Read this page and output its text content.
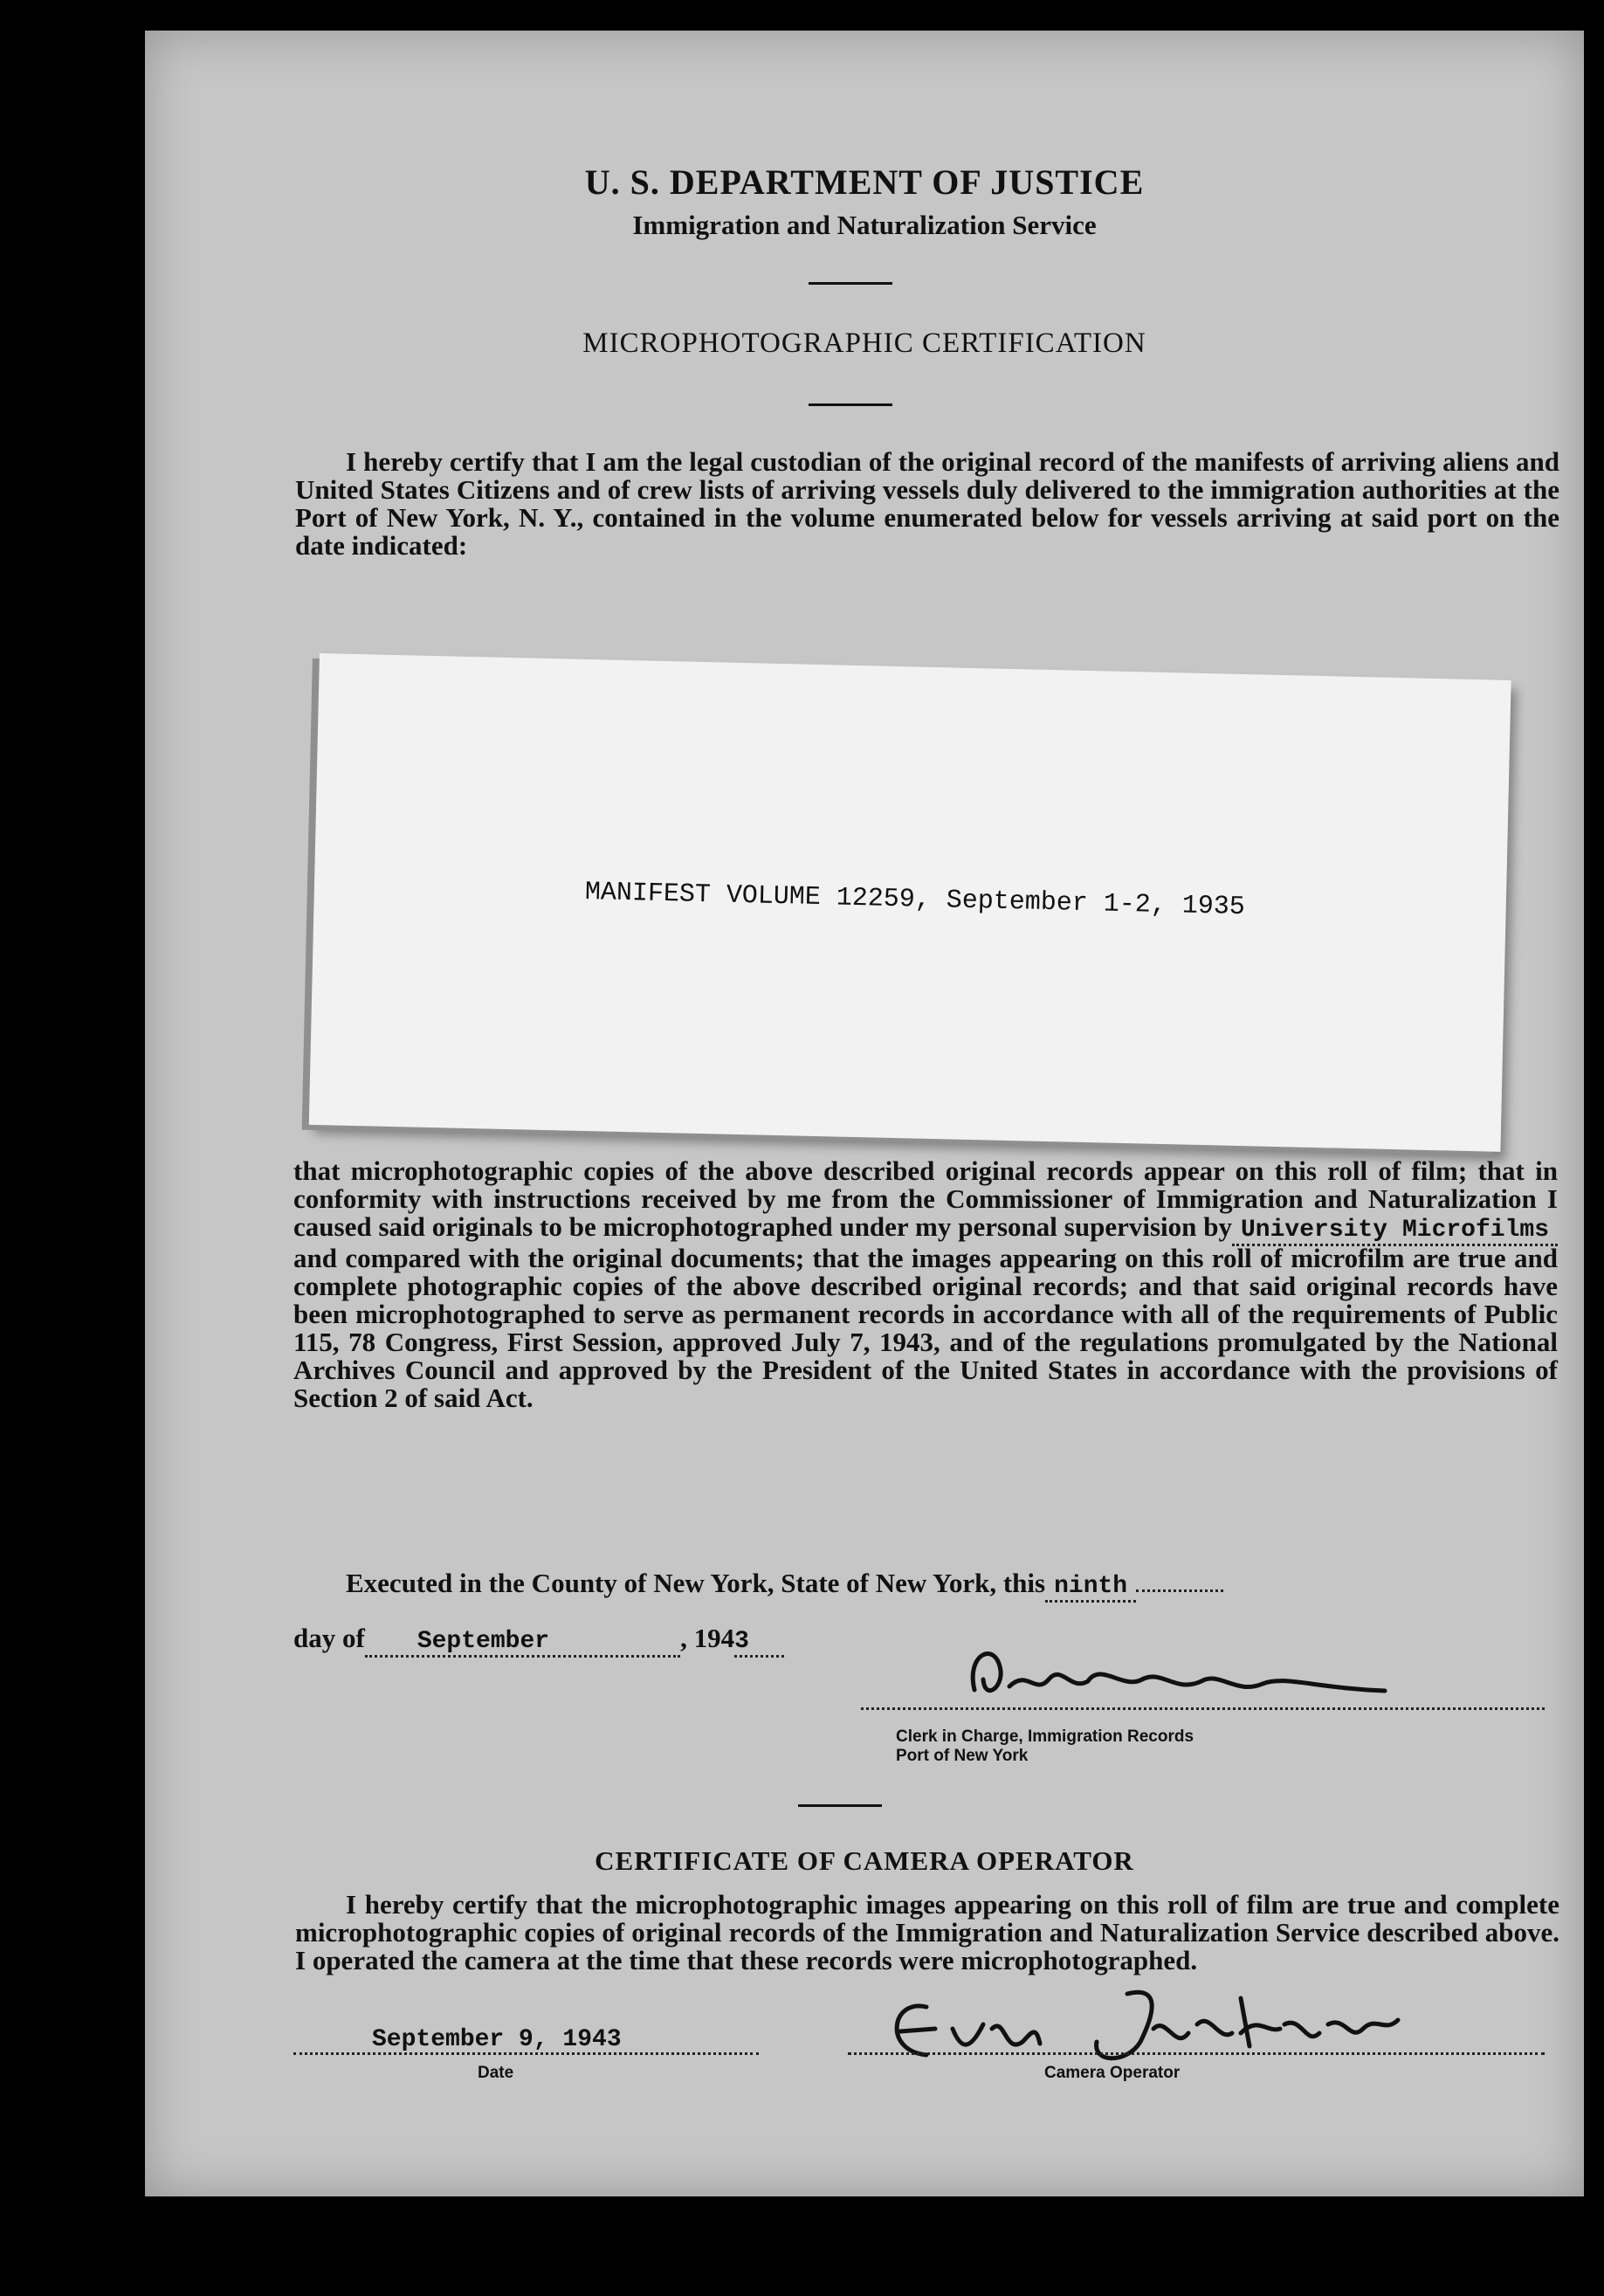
U. S. DEPARTMENT OF JUSTICE
Immigration and Naturalization Service
MICROPHOTOGRAPHIC CERTIFICATION
I hereby certify that I am the legal custodian of the original record of the manifests of arriving aliens and United States Citizens and of crew lists of arriving vessels duly delivered to the immigration authorities at the Port of New York, N. Y., contained in the volume enumerated below for vessels arriving at said port on the date indicated:
MANIFEST VOLUME 12259, September 1-2, 1935
that microphotographic copies of the above described original records appear on this roll of film; that in conformity with instructions received by me from the Commissioner of Immigration and Naturalization I caused said originals to be microphotographed under my personal supervision by University Microfilms and compared with the original documents; that the images appearing on this roll of microfilm are true and complete photographic copies of the above described original records; and that said original records have been microphotographed to serve as permanent records in accordance with all of the requirements of Public 115, 78 Congress, First Session, approved July 7, 1943, and of the regulations promulgated by the National Archives Council and approved by the President of the United States in accordance with the provisions of Section 2 of said Act.
Executed in the County of New York, State of New York, this ninth
day of September	, 1943
Clerk in Charge, Immigration Records
Port of New York
CERTIFICATE OF CAMERA OPERATOR
I hereby certify that the microphotographic images appearing on this roll of film are true and complete microphotographic copies of original records of the Immigration and Naturalization Service described above. I operated the camera at the time that these records were microphotographed.
September 9, 1943
Date	Camera Operator
